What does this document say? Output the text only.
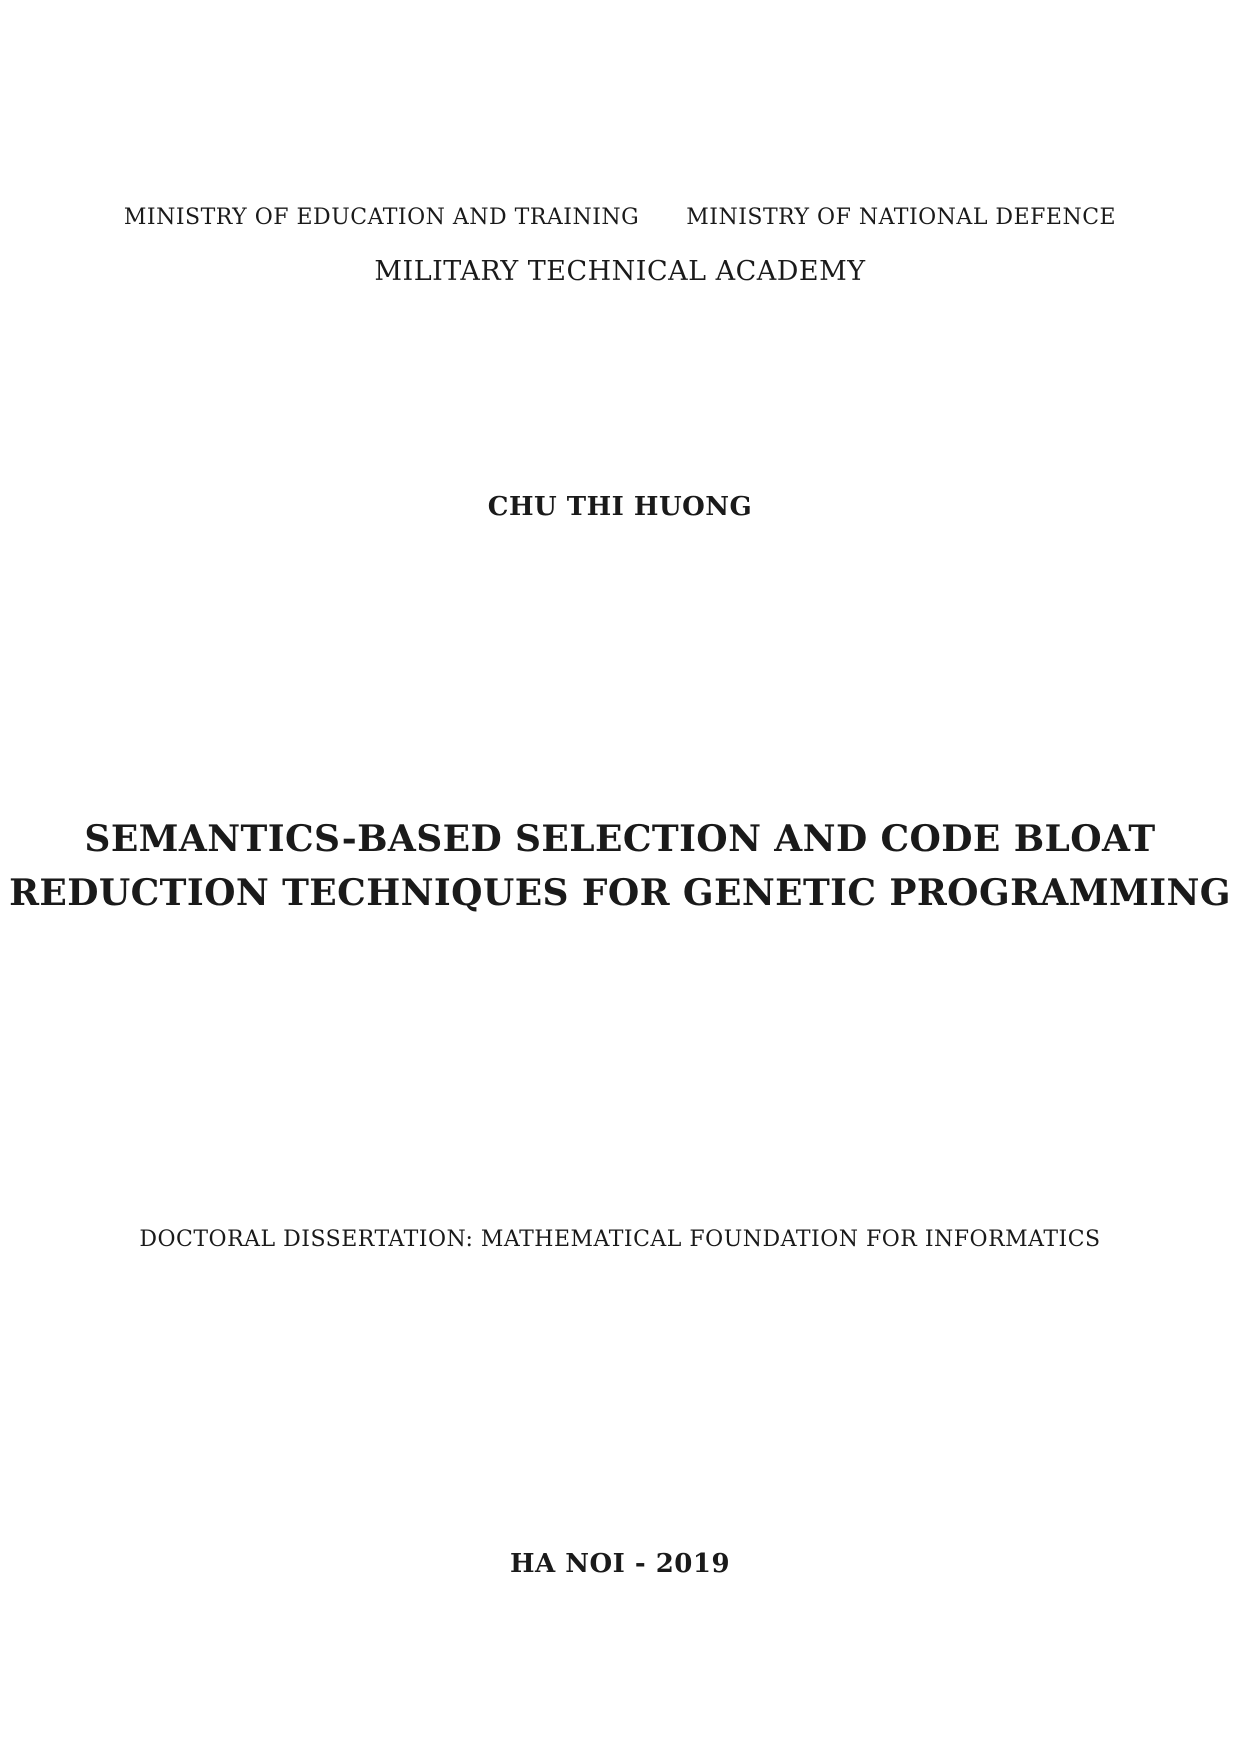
MINISTRY OF EDUCATION AND TRAINING MINISTRY OF NATIONAL DEFENCE
MILITARY TECHNICAL ACADEMY
CHU THI HUONG
SEMANTICS-BASED SELECTION AND CODE BLOAT
REDUCTION TECHNIQUES FOR GENETIC PROGRAMMING
DOCTORAL DISSERTATION: MATHEMATICAL FOUNDATION FOR INFORMATICS
HA NOI - 2019
